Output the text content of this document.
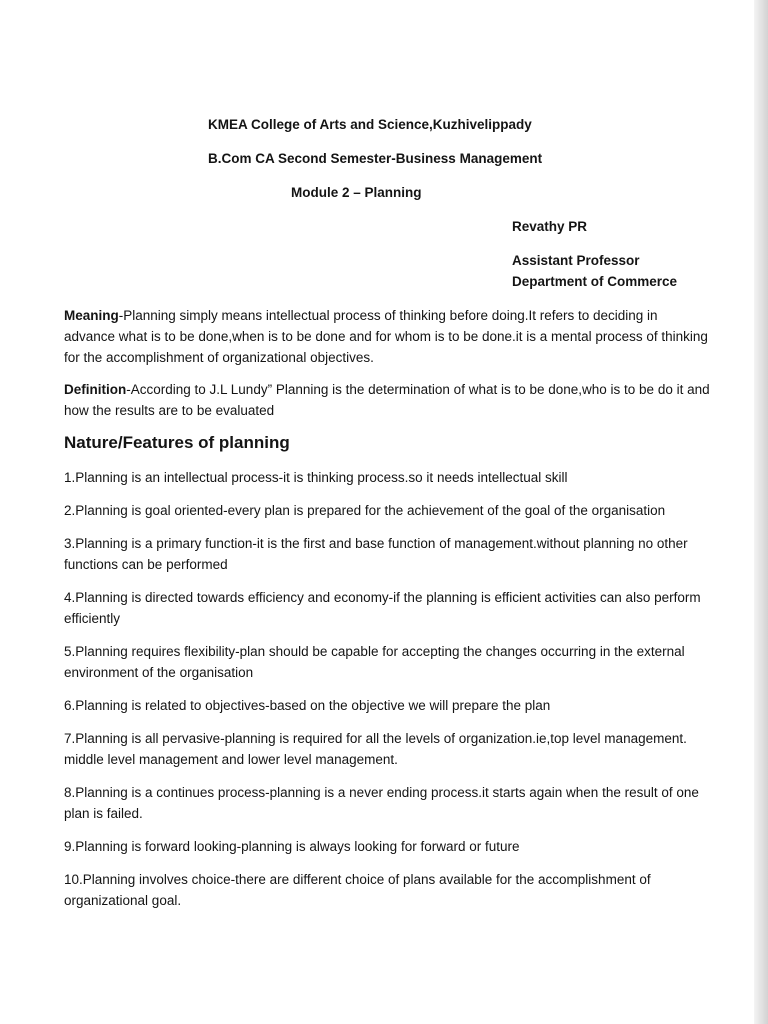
KMEA College of Arts and Science,Kuzhivelippady
B.Com CA Second Semester-Business Management
Module 2 – Planning
Revathy PR
Assistant Professor
Department of Commerce

Meaning-Planning simply means intellectual process of thinking before doing.It refers to deciding in advance what is to be done,when is to be done and for whom is to be done.it is a mental process of thinking for the accomplishment of organizational objectives.

Definition-According to J.L Lundy” Planning is the determination of what is to be done,who is to be do it and how the results are to be evaluated

Nature/Features of planning
1.Planning is an intellectual process-it is thinking process.so it needs intellectual skill
2.Planning is goal oriented-every plan is prepared for the achievement of the goal of the organisation
3.Planning is a primary function-it is the first and base function of management.without planning no other functions can be performed
4.Planning is directed towards efficiency and economy-if the planning is efficient activities can also perform efficiently
5.Planning requires flexibility-plan should be capable for accepting the changes occurring in the external environment of the organisation
6.Planning is related to objectives-based on the objective we will prepare the plan
7.Planning is all pervasive-planning is required for all the levels of organization.ie,top level management. middle level management and lower level management.
8.Planning is a continues process-planning is a never ending process.it starts again when the result of one plan is failed.
9.Planning is forward looking-planning is always looking for forward or future
10.Planning involves choice-there are different choice of plans available for the accomplishment of organizational goal.
